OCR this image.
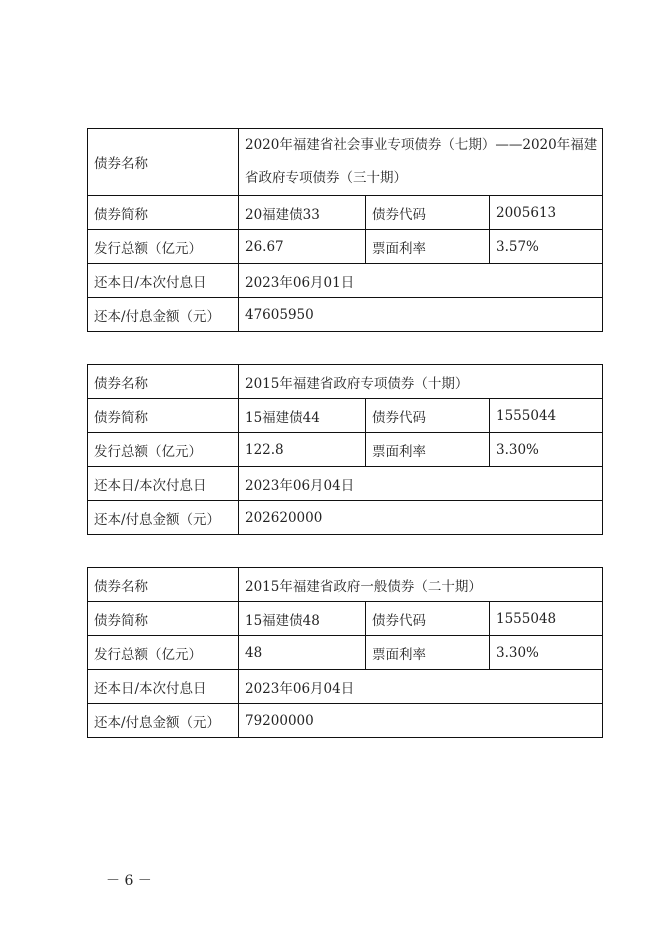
债券名称	2020年福建省社会事业专项债券（七期）——2020年福建省政府专项债券（三十期）		
债券简称	20福建债33	债券代码	2005613
发行总额（亿元）	26.67	票面利率	3.57%
还本日/本次付息日	2023年06月01日		
还本/付息金额（元）	47605950		
债券名称	2015年福建省政府专项债券（十期）		
债券简称	15福建债44	债券代码	1555044
发行总额（亿元）	122.8	票面利率	3.30%
还本日/本次付息日	2023年06月04日		
还本/付息金额（元）	202620000		
债券名称	2015年福建省政府一般债券（二十期）		
债券简称	15福建债48	债券代码	1555048
发行总额（亿元）	48	票面利率	3.30%
还本日/本次付息日	2023年06月04日		
还本/付息金额（元）	79200000		
－ 6 －
